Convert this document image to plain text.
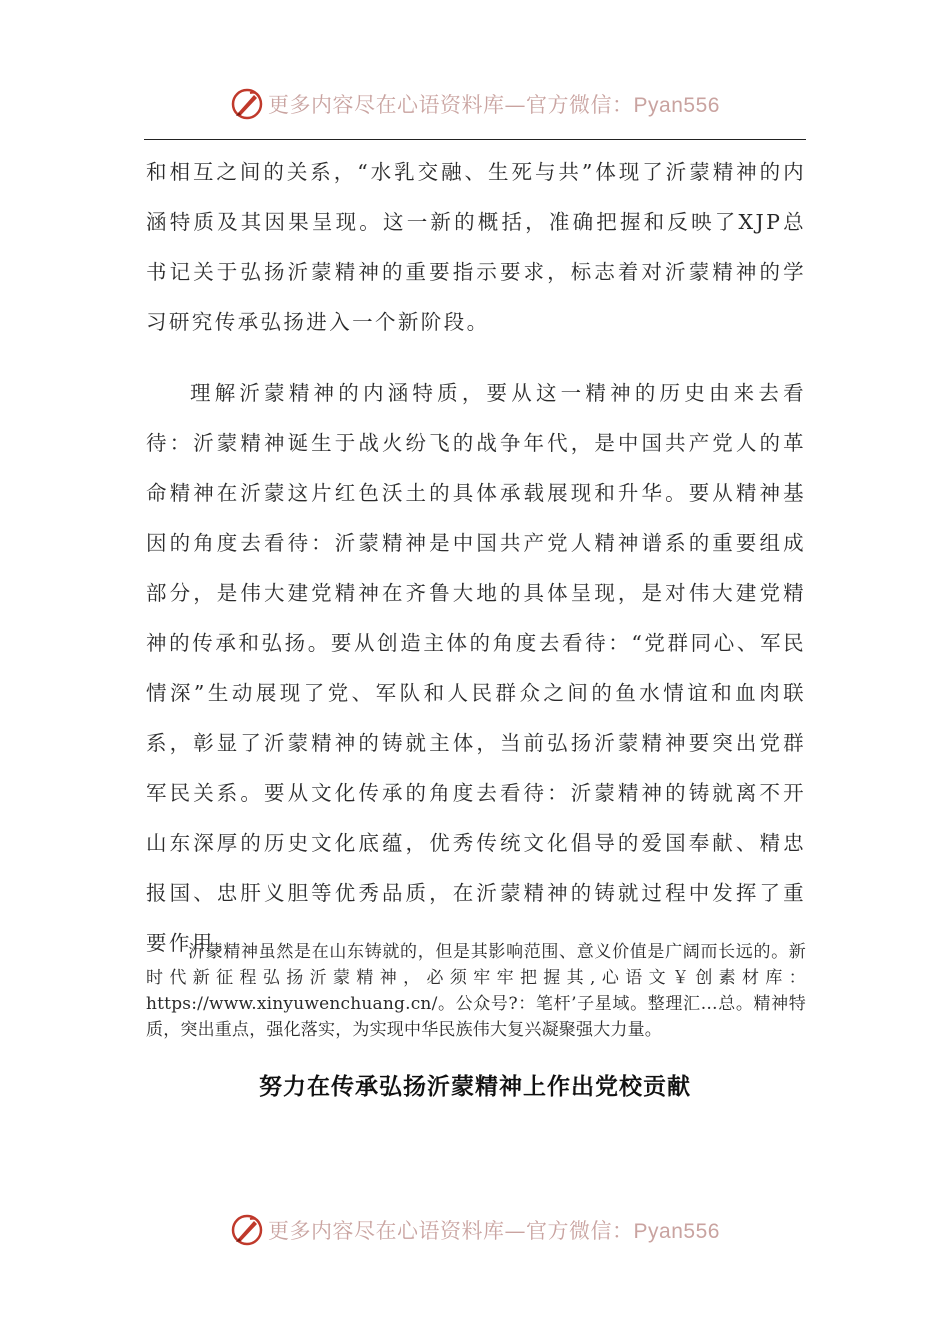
更多内容尽在心语资料库—官方微信：Pyan556

和相互之间的关系，“水乳交融、生死与共”体现了沂蒙精神的内涵特质及其因果呈现。这一新的概括，准确把握和反映了XJP总书记关于弘扬沂蒙精神的重要指示要求，标志着对沂蒙精神的学习研究传承弘扬进入一个新阶段。

理解沂蒙精神的内涵特质，要从这一精神的历史由来去看待：沂蒙精神诞生于战火纷飞的战争年代，是中国共产党人的革命精神在沂蒙这片红色沃土的具体承载展现和升华。要从精神基因的角度去看待：沂蒙精神是中国共产党人精神谱系的重要组成部分，是伟大建党精神在齐鲁大地的具体呈现，是对伟大建党精神的传承和弘扬。要从创造主体的角度去看待：“党群同心、军民情深”生动展现了党、军队和人民群众之间的鱼水情谊和血肉联系，彰显了沂蒙精神的铸就主体，当前弘扬沂蒙精神要突出党群军民关系。要从文化传承的角度去看待：沂蒙精神的铸就离不开山东深厚的历史文化底蕴，优秀传统文化倡导的爱国奉献、精忠报国、忠肝义胆等优秀品质，在沂蒙精神的铸就过程中发挥了重要作用。

沂蒙精神虽然是在山东铸就的，但是其影响范围、意义价值是广阔而长远的。新时代新征程弘扬沂蒙精神，必须牢牢把握其,心语文￥创素材库：https://www.xinyuwenchuang.cn/。公众号?：笔杆’子星域。整理汇…总。精神特质，突出重点，强化落实，为实现中华民族伟大复兴凝聚强大力量。

努力在传承弘扬沂蒙精神上作出党校贡献
更多内容尽在心语资料库—官方微信：Pyan556
